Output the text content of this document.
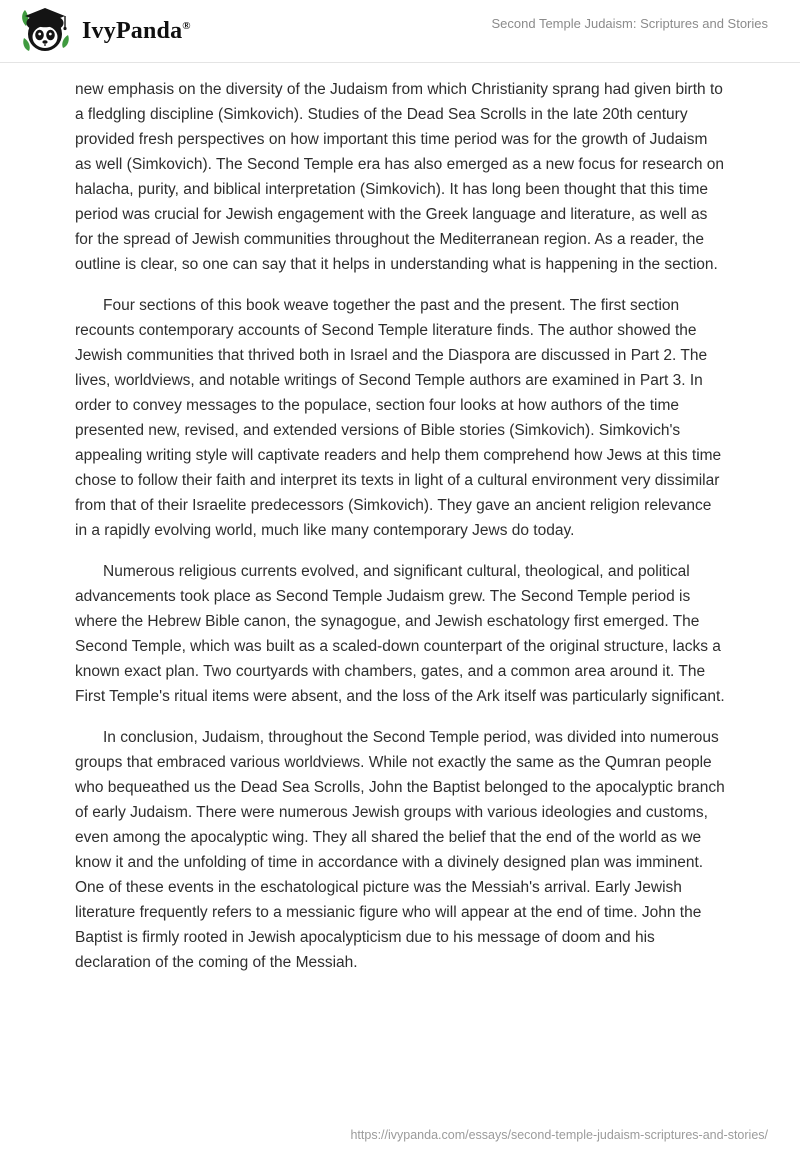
IvyPanda®	Second Temple Judaism: Scriptures and Stories

new emphasis on the diversity of the Judaism from which Christianity sprang had given birth to a fledgling discipline (Simkovich). Studies of the Dead Sea Scrolls in the late 20th century provided fresh perspectives on how important this time period was for the growth of Judaism as well (Simkovich). The Second Temple era has also emerged as a new focus for research on halacha, purity, and biblical interpretation (Simkovich). It has long been thought that this time period was crucial for Jewish engagement with the Greek language and literature, as well as for the spread of Jewish communities throughout the Mediterranean region. As a reader, the outline is clear, so one can say that it helps in understanding what is happening in the section.

Four sections of this book weave together the past and the present. The first section recounts contemporary accounts of Second Temple literature finds. The author showed the Jewish communities that thrived both in Israel and the Diaspora are discussed in Part 2. The lives, worldviews, and notable writings of Second Temple authors are examined in Part 3. In order to convey messages to the populace, section four looks at how authors of the time presented new, revised, and extended versions of Bible stories (Simkovich). Simkovich's appealing writing style will captivate readers and help them comprehend how Jews at this time chose to follow their faith and interpret its texts in light of a cultural environment very dissimilar from that of their Israelite predecessors (Simkovich). They gave an ancient religion relevance in a rapidly evolving world, much like many contemporary Jews do today.

Numerous religious currents evolved, and significant cultural, theological, and political advancements took place as Second Temple Judaism grew. The Second Temple period is where the Hebrew Bible canon, the synagogue, and Jewish eschatology first emerged. The Second Temple, which was built as a scaled-down counterpart of the original structure, lacks a known exact plan. Two courtyards with chambers, gates, and a common area around it. The First Temple's ritual items were absent, and the loss of the Ark itself was particularly significant.

In conclusion, Judaism, throughout the Second Temple period, was divided into numerous groups that embraced various worldviews. While not exactly the same as the Qumran people who bequeathed us the Dead Sea Scrolls, John the Baptist belonged to the apocalyptic branch of early Judaism. There were numerous Jewish groups with various ideologies and customs, even among the apocalyptic wing. They all shared the belief that the end of the world as we know it and the unfolding of time in accordance with a divinely designed plan was imminent. One of these events in the eschatological picture was the Messiah's arrival. Early Jewish literature frequently refers to a messianic figure who will appear at the end of time. John the Baptist is firmly rooted in Jewish apocalypticism due to his message of doom and his declaration of the coming of the Messiah.

https://ivypanda.com/essays/second-temple-judaism-scriptures-and-stories/
